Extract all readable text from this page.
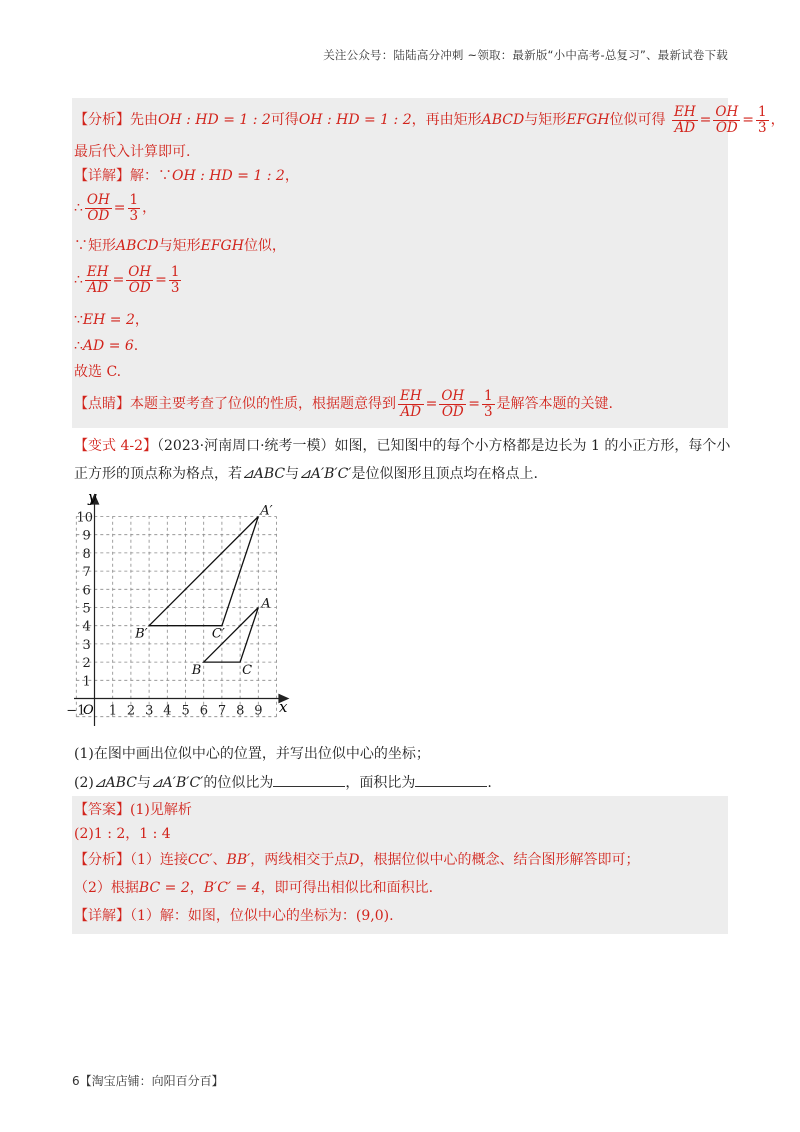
关注公众号：陆陆高分冲刺 ~领取：最新版“小中高考-总复习”、最新试卷下载
【分析】先由OH : HD = 1 : 2可得OH : HD = 1 : 2，再由矩形ABCD与矩形EFGH位似可得 $\frac{EH}{AD} = \frac{OH}{OD} = \frac{1}{3}$ ，
最后代入计算即可.
【详解】解：∵OH : HD = 1 : 2，
∴ $\frac{OH}{OD} = \frac{1}{3}$ ，
∵矩形ABCD与矩形EFGH位似，
∴ $\frac{EH}{AD} = \frac{OH}{OD} = \frac{1}{3}$
∵EH = 2，
∴AD = 6.
故选 C.
【点睛】本题主要考查了位似的性质，根据题意得到 $\frac{EH}{AD} = \frac{OH}{OD} = \frac{1}{3}$ 是解答本题的关键.
【变式 4-2】（2023·河南周口·统考一模）如图，已知图中的每个小方格都是边长为 1 的小正方形，每个小
正方形的顶点称为格点，若⊿ABC与⊿A′B′C′是位似图形且顶点均在格点上.
−1 1 2 3 4 5 6 7 8 9
1
2
3
4
5
6
7
8
9
10
y
x
O
A′
B′	C′
A
B	C
(1)在图中画出位似中心的位置，并写出位似中心的坐标；
(2)⊿ABC与⊿A′B′C′的位似比为	，面积比为	.
【答案】(1)见解析
(2)1 : 2，1 : 4
【分析】（1）连接CC′、BB′，两线相交于点D，根据位似中心的概念、结合图形解答即可；
（2）根据BC = 2，B′C′ = 4，即可得出相似比和面积比.
【详解】（1）解：如图，位似中心的坐标为：(9,0).
6【淘宝店铺：向阳百分百】
